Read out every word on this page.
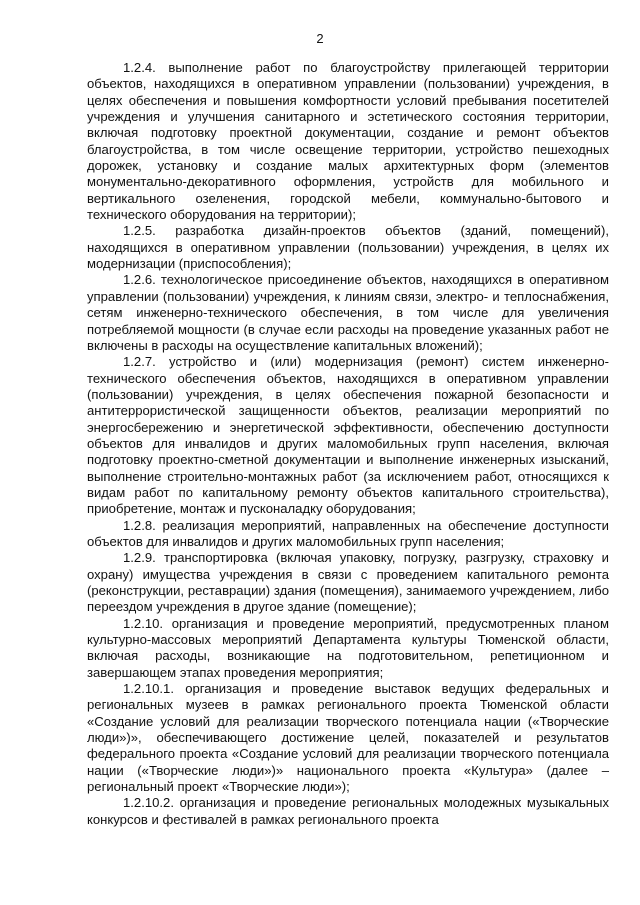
2

1.2.4. выполнение работ по благоустройству прилегающей территории объектов, находящихся в оперативном управлении (пользовании) учреждения, в целях обеспечения и повышения комфортности условий пребывания посетителей учреждения и улучшения санитарного и эстетического состояния территории, включая подготовку проектной документации, создание и ремонт объектов благоустройства, в том числе освещение территории, устройство пешеходных дорожек, установку и создание малых архитектурных форм (элементов монументально-декоративного оформления, устройств для мобильного и вертикального озеленения, городской мебели, коммунально-бытового и технического оборудования на территории);

1.2.5. разработка дизайн-проектов объектов (зданий, помещений), находящихся в оперативном управлении (пользовании) учреждения, в целях их модернизации (приспособления);

1.2.6. технологическое присоединение объектов, находящихся в оперативном управлении (пользовании) учреждения, к линиям связи, электро- и теплоснабжения, сетям инженерно-технического обеспечения, в том числе для увеличения потребляемой мощности (в случае если расходы на проведение указанных работ не включены в расходы на осуществление капитальных вложений);

1.2.7. устройство и (или) модернизация (ремонт) систем инженерно-технического обеспечения объектов, находящихся в оперативном управлении (пользовании) учреждения, в целях обеспечения пожарной безопасности и антитеррористической защищенности объектов, реализации мероприятий по энергосбережению и энергетической эффективности, обеспечению доступности объектов для инвалидов и других маломобильных групп населения, включая подготовку проектно-сметной документации и выполнение инженерных изысканий, выполнение строительно-монтажных работ (за исключением работ, относящихся к видам работ по капитальному ремонту объектов капитального строительства), приобретение, монтаж и пусконаладку оборудования;

1.2.8. реализация мероприятий, направленных на обеспечение доступности объектов для инвалидов и других маломобильных групп населения;

1.2.9. транспортировка (включая упаковку, погрузку, разгрузку, страховку и охрану) имущества учреждения в связи с проведением капитального ремонта (реконструкции, реставрации) здания (помещения), занимаемого учреждением, либо переездом учреждения в другое здание (помещение);

1.2.10. организация и проведение мероприятий, предусмотренных планом культурно-массовых мероприятий Департамента культуры Тюменской области, включая расходы, возникающие на подготовительном, репетиционном и завершающем этапах проведения мероприятия;

1.2.10.1. организация и проведение выставок ведущих федеральных и региональных музеев в рамках регионального проекта Тюменской области «Создание условий для реализации творческого потенциала нации («Творческие люди»)», обеспечивающего достижение целей, показателей и результатов федерального проекта «Создание условий для реализации творческого потенциала нации («Творческие люди»)» национального проекта «Культура» (далее – региональный проект «Творческие люди»);

1.2.10.2. организация и проведение региональных молодежных музыкальных конкурсов и фестивалей в рамках регионального проекта
